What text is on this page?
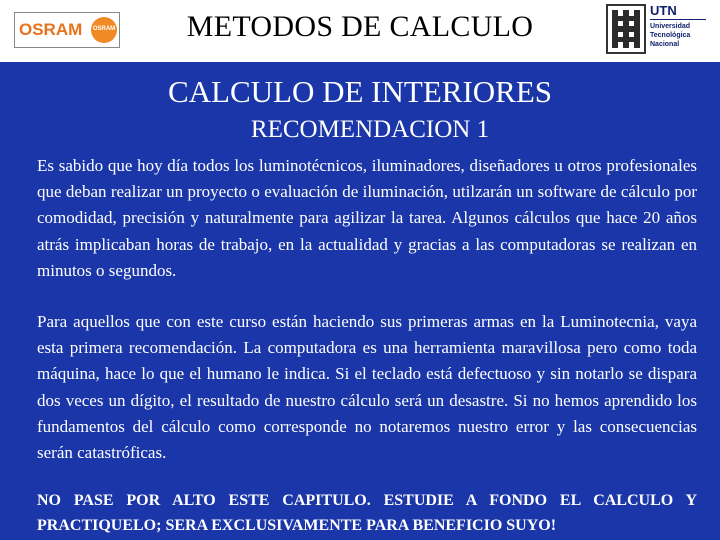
OSRAM	OSRAM	METODOS DE CALCULO	UTN
Universidad
Tecnológica
Nacional
CALCULO DE INTERIORES
RECOMENDACION 1

Es sabido que hoy día todos los luminotécnicos, iluminadores, diseñadores u otros profesionales que deban realizar un proyecto o evaluación de iluminación, utilzarán un software de cálculo por comodidad, precisión y naturalmente para agilizar la tarea. Algunos cálculos que hace 20 años atrás implicaban horas de trabajo, en la actualidad y gracias a las computadoras se realizan en minutos o segundos.

Para aquellos que con este curso están haciendo sus primeras armas en la Luminotecnia, vaya esta primera recomendación. La computadora es una herramienta maravillosa pero como toda máquina, hace lo que el humano le indica. Si el teclado está defectuoso y sin notarlo se dispara dos veces un dígito, el resultado de nuestro cálculo será un desastre. Si no hemos aprendido los fundamentos del cálculo como corresponde no notaremos nuestro error y las consecuencias serán catastróficas.

NO PASE POR ALTO ESTE CAPITULO. ESTUDIE A FONDO EL CALCULO Y PRACTIQUELO; SERA EXCLUSIVAMENTE PARA BENEFICIO SUYO!
